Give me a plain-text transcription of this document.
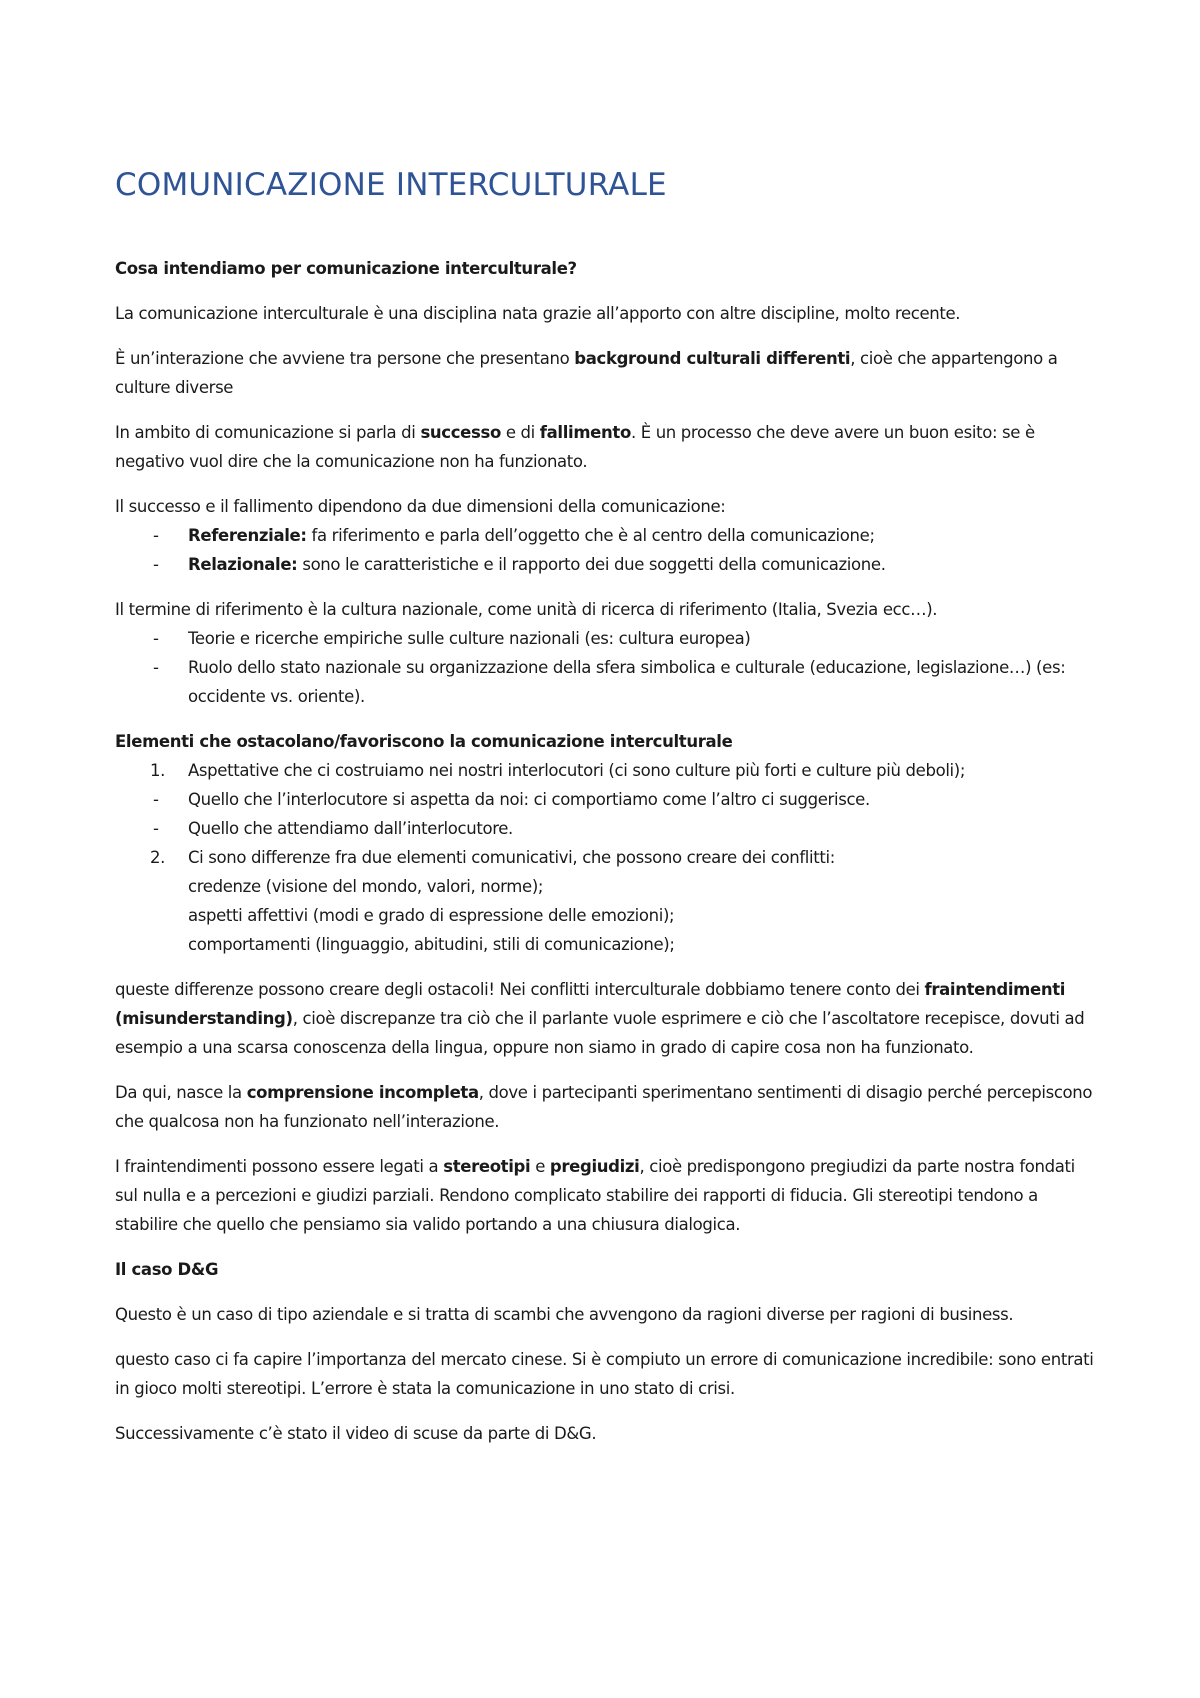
COMUNICAZIONE INTERCULTURALE

Cosa intendiamo per comunicazione interculturale?

La comunicazione interculturale è una disciplina nata grazie all’apporto con altre discipline, molto recente.

È un’interazione che avviene tra persone che presentano background culturali differenti, cioè che appartengono a culture diverse

In ambito di comunicazione si parla di successo e di fallimento. È un processo che deve avere un buon esito: se è negativo vuol dire che la comunicazione non ha funzionato.

Il successo e il fallimento dipendono da due dimensioni della comunicazione:

- Referenziale: fa riferimento e parla dell’oggetto che è al centro della comunicazione;
- Relazionale: sono le caratteristiche e il rapporto dei due soggetti della comunicazione.

Il termine di riferimento è la cultura nazionale, come unità di ricerca di riferimento (Italia, Svezia ecc…).

- Teorie e ricerche empiriche sulle culture nazionali (es: cultura europea)
- Ruolo dello stato nazionale su organizzazione della sfera simbolica e culturale (educazione, legislazione…) (es: occidente vs. oriente).

Elementi che ostacolano/favoriscono la comunicazione interculturale

1. Aspettative che ci costruiamo nei nostri interlocutori (ci sono culture più forti e culture più deboli);
- Quello che l’interlocutore si aspetta da noi: ci comportiamo come l’altro ci suggerisce.
- Quello che attendiamo dall’interlocutore.
2. Ci sono differenze fra due elementi comunicativi, che possono creare dei conflitti:
credenze (visione del mondo, valori, norme);
aspetti affettivi (modi e grado di espressione delle emozioni);
comportamenti (linguaggio, abitudini, stili di comunicazione);

queste differenze possono creare degli ostacoli! Nei conflitti interculturale dobbiamo tenere conto dei fraintendimenti (misunderstanding), cioè discrepanze tra ciò che il parlante vuole esprimere e ciò che l’ascoltatore recepisce, dovuti ad esempio a una scarsa conoscenza della lingua, oppure non siamo in grado di capire cosa non ha funzionato.

Da qui, nasce la comprensione incompleta, dove i partecipanti sperimentano sentimenti di disagio perché percepiscono che qualcosa non ha funzionato nell’interazione.

I fraintendimenti possono essere legati a stereotipi e pregiudizi, cioè predispongono pregiudizi da parte nostra fondati sul nulla e a percezioni e giudizi parziali. Rendono complicato stabilire dei rapporti di fiducia. Gli stereotipi tendono a stabilire che quello che pensiamo sia valido portando a una chiusura dialogica.

Il caso D&G

Questo è un caso di tipo aziendale e si tratta di scambi che avvengono da ragioni diverse per ragioni di business.

questo caso ci fa capire l’importanza del mercato cinese. Si è compiuto un errore di comunicazione incredibile: sono entrati in gioco molti stereotipi. L’errore è stata la comunicazione in uno stato di crisi.

Successivamente c’è stato il video di scuse da parte di D&G.
